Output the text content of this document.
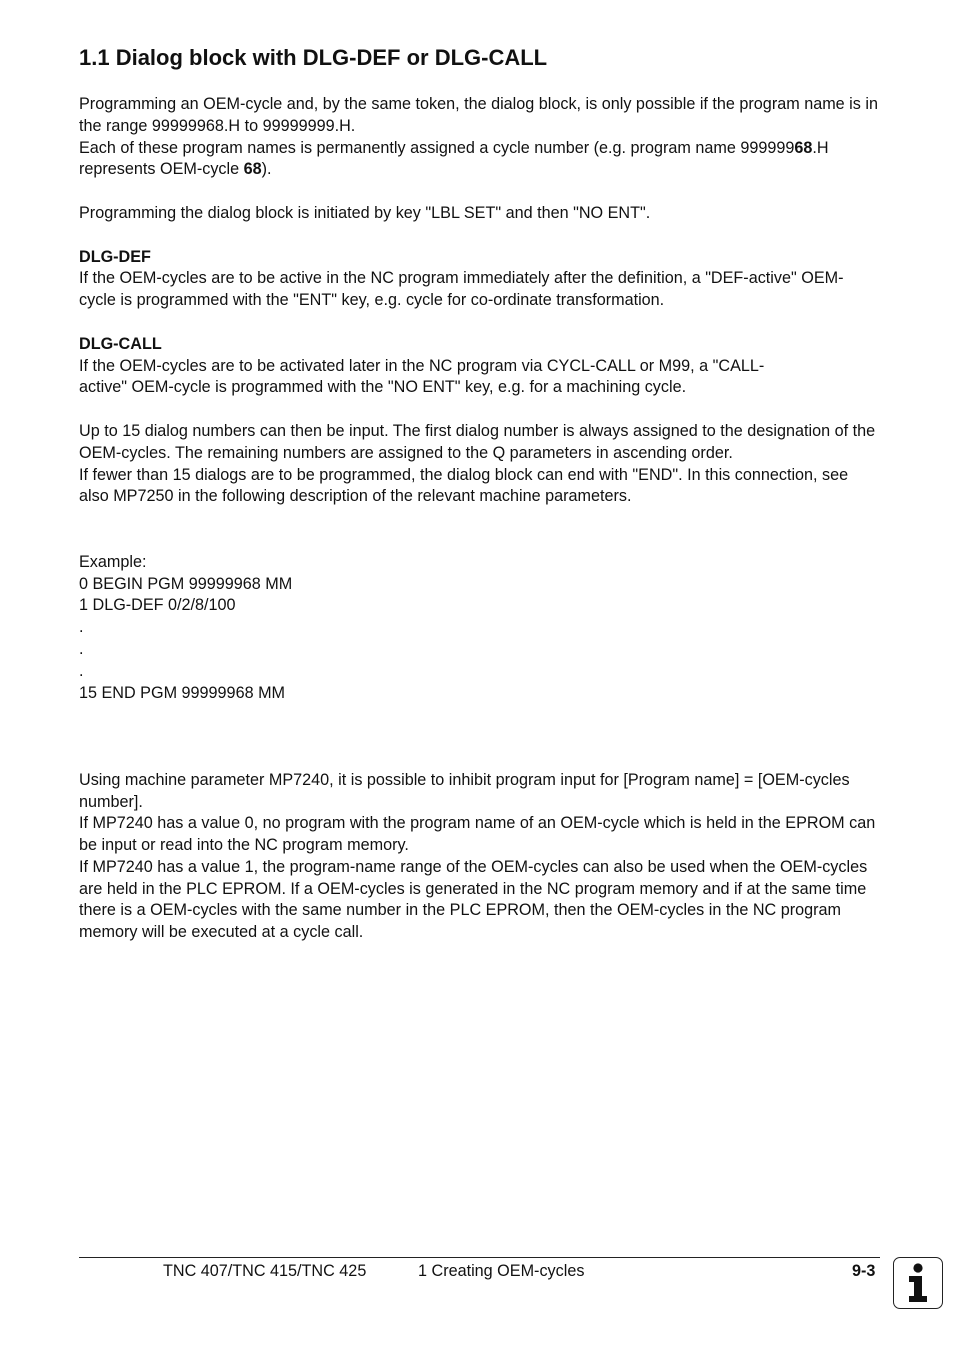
1.1 Dialog block with DLG-DEF or DLG-CALL

Programming an OEM-cycle and, by the same token, the dialog block, is only possible if the program name is in the range 99999968.H to 99999999.H.

Each of these program names is permanently assigned a cycle number (e.g. program name 99999968.H represents OEM-cycle 68).

Programming the dialog block is initiated by key "LBL SET" and then "NO ENT".

DLG-DEF

If the OEM-cycles are to be active in the NC program immediately after the definition, a "DEF-active" OEM-cycle is programmed with the "ENT" key, e.g. cycle for co-ordinate transformation.

DLG-CALL

If the OEM-cycles are to be activated later in the NC program via CYCL-CALL or M99, a "CALL-

active" OEM-cycle is programmed with the "NO ENT" key, e.g. for a machining cycle.

Up to 15 dialog numbers can then be input. The first dialog number is always assigned to the designation of the OEM-cycles. The remaining numbers are assigned to the Q parameters in ascending order.

If fewer than 15 dialogs are to be programmed, the dialog block can end with "END". In this connection, see also MP7250 in the following description of the relevant machine parameters.

Example:

0 BEGIN PGM 99999968 MM

1 DLG-DEF 0/2/8/100

.

.

.

15 END PGM 99999968 MM

Using machine parameter MP7240, it is possible to inhibit program input for [Program name] = [OEM-cycles number].

If MP7240 has a value 0, no program with the program name of an OEM-cycle which is held in the EPROM can be input or read into the NC program memory.

If MP7240 has a value 1, the program-name range of the OEM-cycles can also be used when the OEM-cycles are held in the PLC EPROM. If a OEM-cycles is generated in the NC program memory and if at the same time there is a OEM-cycles with the same number in the PLC EPROM, then the OEM-cycles in the NC program memory will be executed at a cycle call.

TNC 407/TNC 415/TNC 425	1 Creating OEM-cycles	9-3
